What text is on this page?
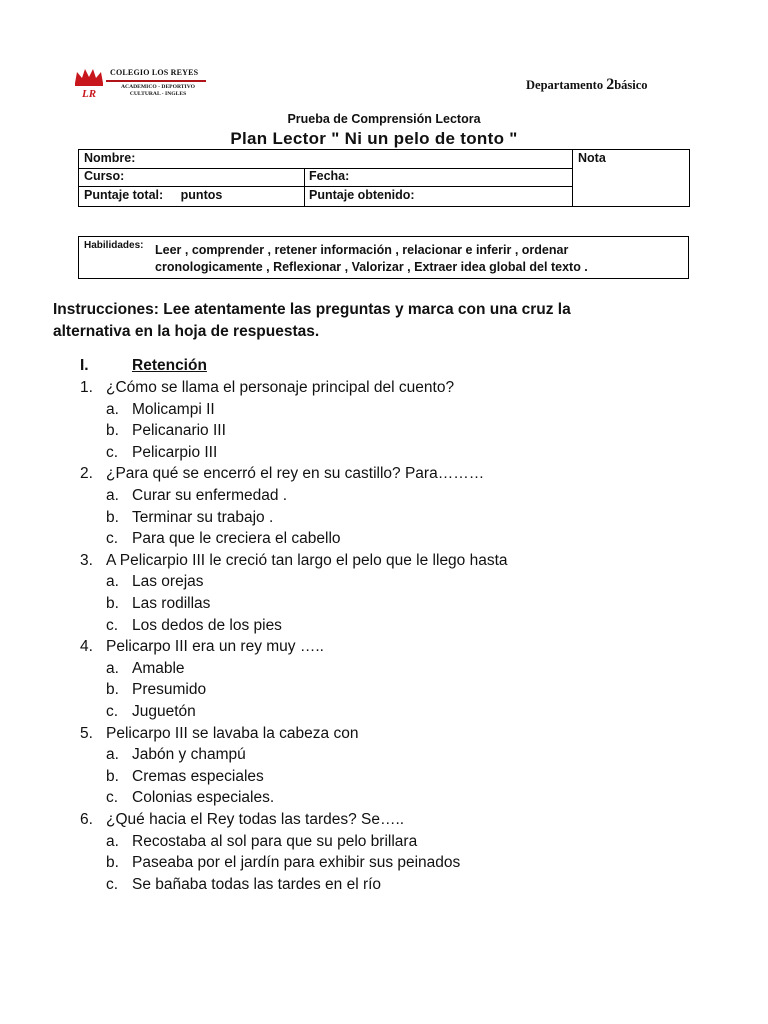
LR
COLEGIO LOS REYES
ACADEMICO - DEPORTIVO
CULTURAL - INGLES
Departamento 2básico
Prueba de Comprensión Lectora
Plan Lector " Ni un pelo de tonto "
Nombre:
Curso:	Fecha:
Puntaje total: puntos	Puntaje obtenido:
Nota
Habilidades: Leer , comprender , retener información , relacionar e inferir , ordenar
cronologicamente , Reflexionar , Valorizar , Extraer idea global del texto .
Instrucciones: Lee atentamente las preguntas y marca con una cruz la
alternativa en la hoja de respuestas.
I.	Retención
1. ¿Cómo se llama el personaje principal del cuento?
a. Molicampi II
b. Pelicanario III
c. Pelicarpio III
2. ¿Para qué se encerró el rey en su castillo? Para………
a. Curar su enfermedad .
b. Terminar su trabajo .
c. Para que le creciera el cabello
3. A Pelicarpio III le creció tan largo el pelo que le llego hasta
a. Las orejas
b. Las rodillas
c. Los dedos de los pies
4. Pelicarpo III era un rey muy …..
a. Amable
b. Presumido
c. Juguetón
5. Pelicarpo III se lavaba la cabeza con
a. Jabón y champú
b. Cremas especiales
c. Colonias especiales.
6. ¿Qué hacia el Rey todas las tardes? Se…..
a. Recostaba al sol para que su pelo brillara
b. Paseaba por el jardín para exhibir sus peinados
c. Se bañaba todas las tardes en el río
